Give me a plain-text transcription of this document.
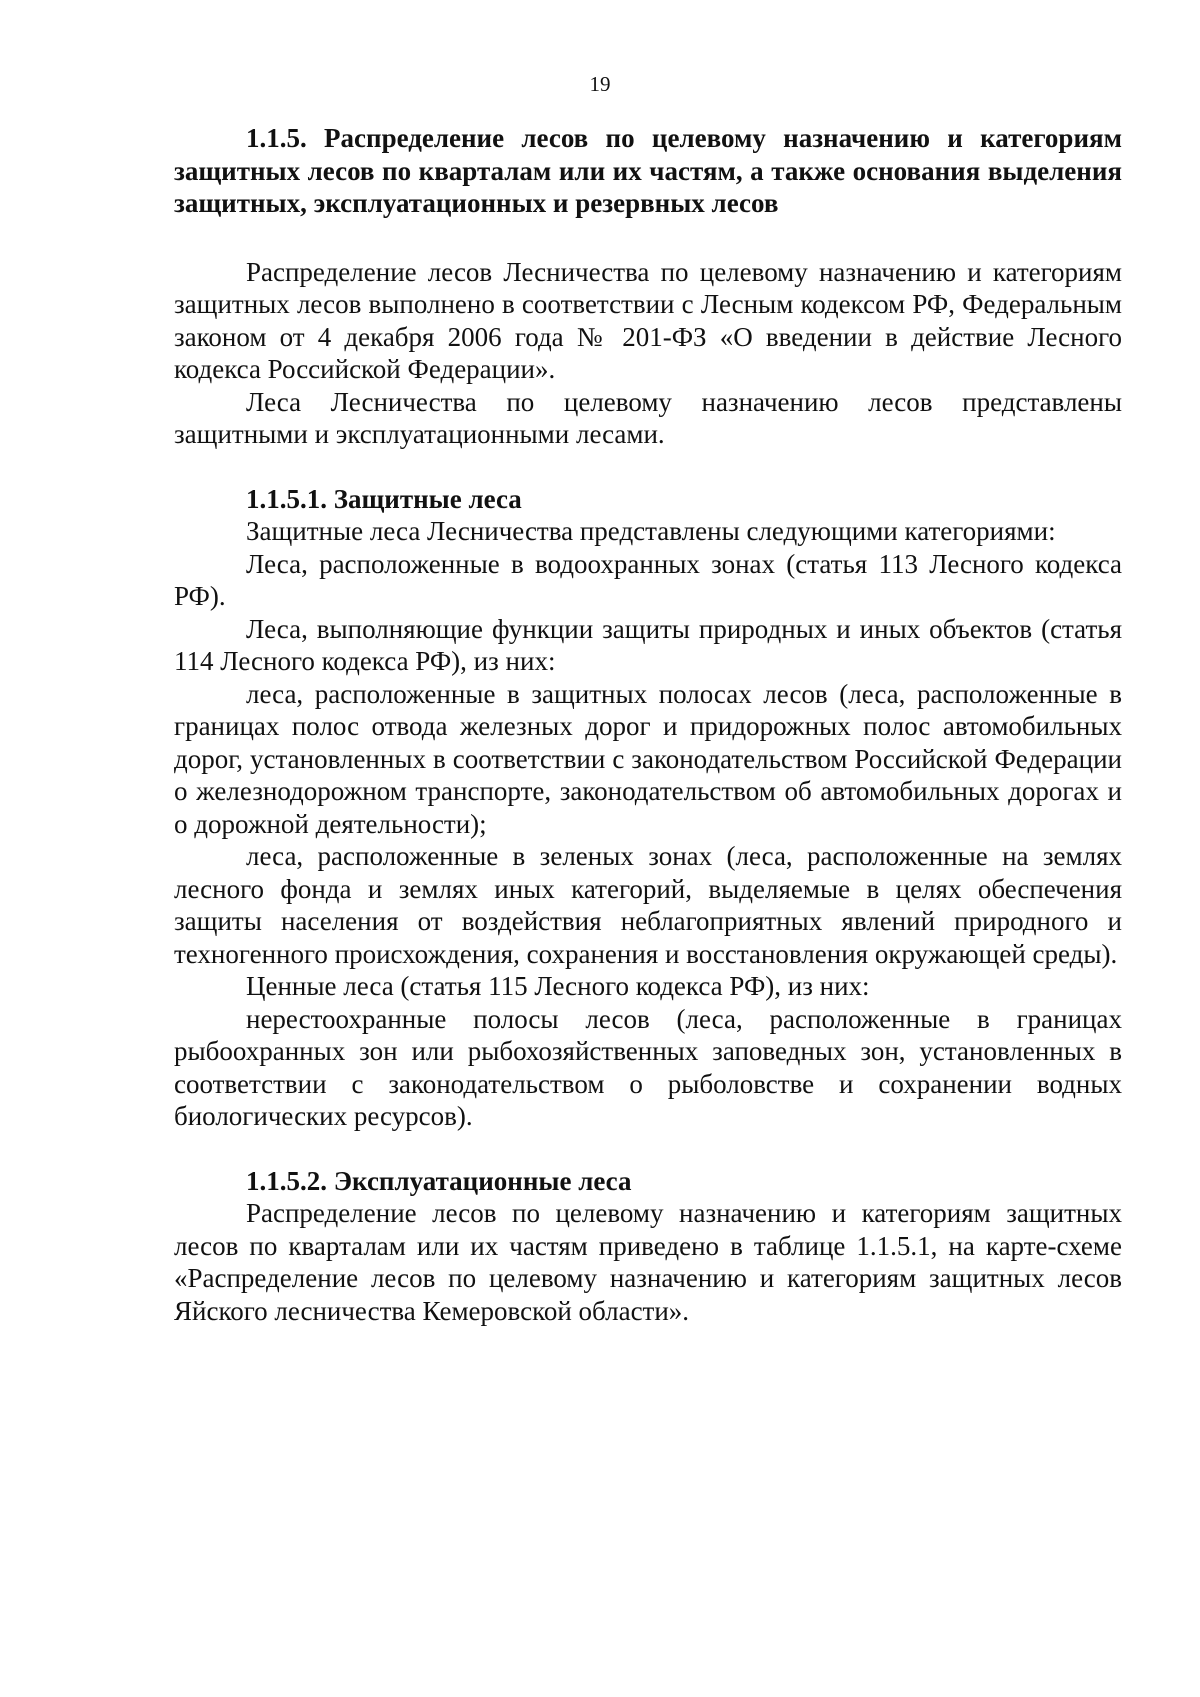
19
1.1.5. Распределение лесов по целевому назначению и категориям защитных лесов по кварталам или их частям, а также основания выделения защитных, эксплуатационных и резервных лесов

Распределение лесов Лесничества по целевому назначению и категориям защитных лесов выполнено в соответствии с Лесным кодексом РФ, Федеральным законом от 4 декабря 2006 года № 201-ФЗ «О введении в действие Лесного кодекса Российской Федерации».

Леса Лесничества по целевому назначению лесов представлены защитными и эксплуатационными лесами.

1.1.5.1. Защитные леса

Защитные леса Лесничества представлены следующими категориями:

Леса, расположенные в водоохранных зонах (статья 113 Лесного кодекса РФ).

Леса, выполняющие функции защиты природных и иных объектов (статья 114 Лесного кодекса РФ), из них:

леса, расположенные в защитных полосах лесов (леса, расположенные в границах полос отвода железных дорог и придорожных полос автомобильных дорог, установленных в соответствии с законодательством Российской Федерации о железнодорожном транспорте, законодательством об автомобильных дорогах и о дорожной деятельности);

леса, расположенные в зеленых зонах (леса, расположенные на землях лесного фонда и землях иных категорий, выделяемые в целях обеспечения защиты населения от воздействия неблагоприятных явлений природного и техногенного происхождения, сохранения и восстановления окружающей среды).

Ценные леса (статья 115 Лесного кодекса РФ), из них:

нерестоохранные полосы лесов (леса, расположенные в границах рыбоохранных зон или рыбохозяйственных заповедных зон, установленных в соответствии с законодательством о рыболовстве и сохранении водных биологических ресурсов).

1.1.5.2. Эксплуатационные леса

Распределение лесов по целевому назначению и категориям защитных лесов по кварталам или их частям приведено в таблице 1.1.5.1, на карте-схеме «Распределение лесов по целевому назначению и категориям защитных лесов Яйского лесничества Кемеровской области».
